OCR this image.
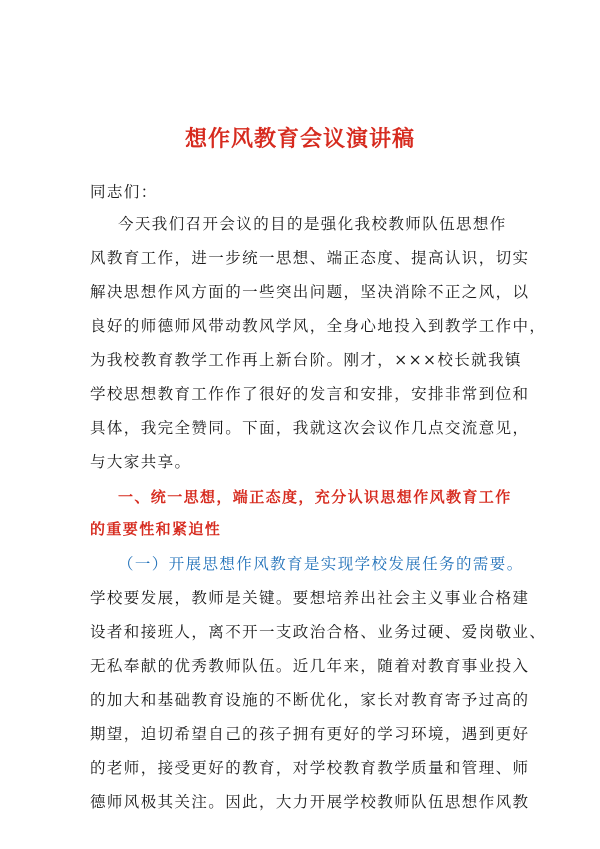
想作风教育会议演讲稿
同志们：
今天我们召开会议的目的是强化我校教师队伍思想作
风教育工作，进一步统一思想、端正态度、提高认识，切实
解决思想作风方面的一些突出问题，坚决消除不正之风，以
良好的师德师风带动教风学风，全身心地投入到教学工作中，
为我校教育教学工作再上新台阶。刚才，×××校长就我镇
学校思想教育工作作了很好的发言和安排，安排非常到位和
具体，我完全赞同。下面，我就这次会议作几点交流意见，
与大家共享。
一、统一思想，端正态度，充分认识思想作风教育工作
的重要性和紧迫性
（一）开展思想作风教育是实现学校发展任务的需要。
学校要发展，教师是关键。要想培养出社会主义事业合格建
设者和接班人，离不开一支政治合格、业务过硬、爱岗敬业、
无私奉献的优秀教师队伍。近几年来，随着对教育事业投入
的加大和基础教育设施的不断优化，家长对教育寄予过高的
期望，迫切希望自己的孩子拥有更好的学习环境，遇到更好
的老师，接受更好的教育，对学校教育教学质量和管理、师
德师风极其关注。因此，大力开展学校教师队伍思想作风教
